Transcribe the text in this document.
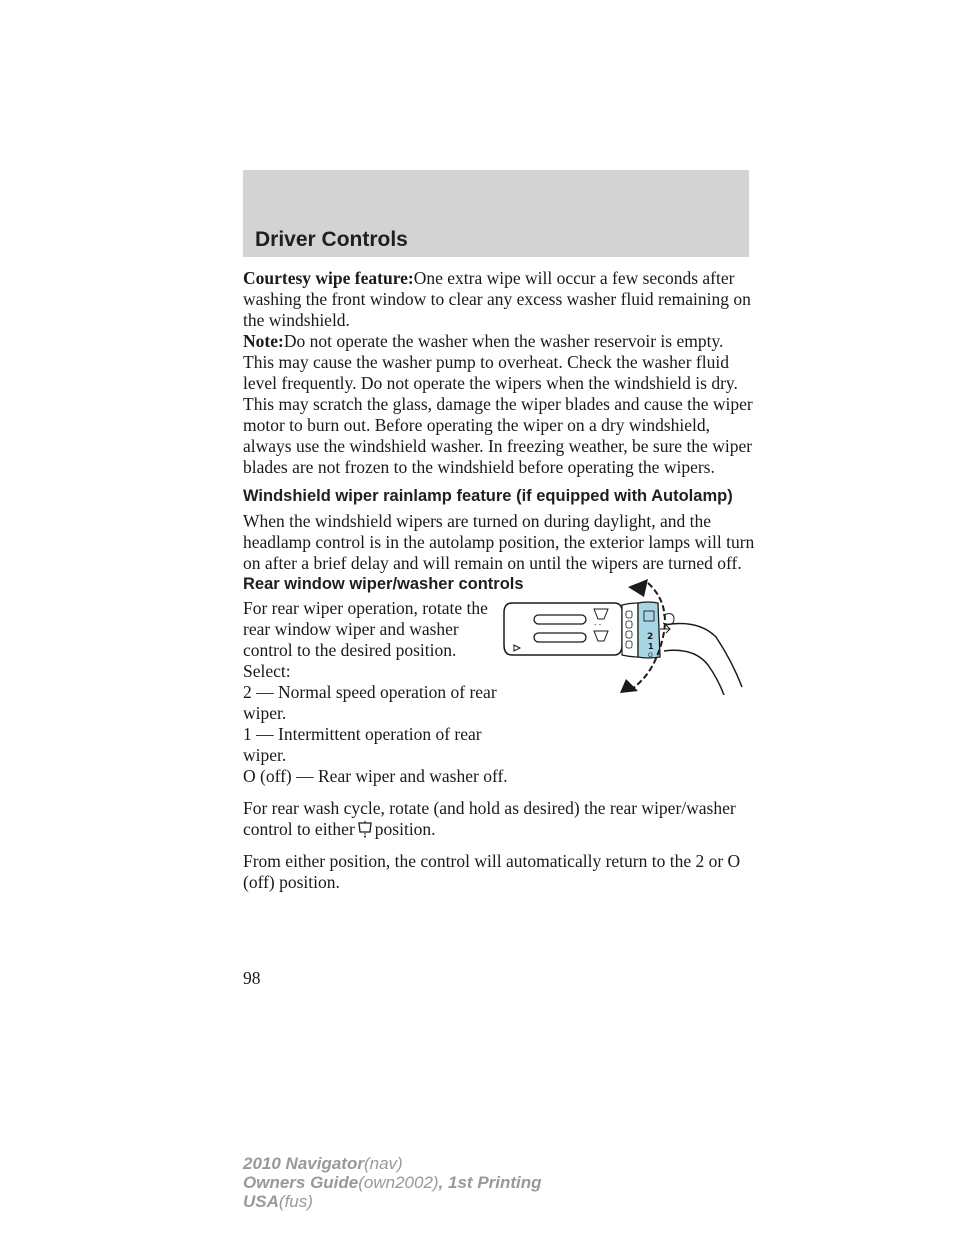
Driver Controls

Courtesy wipe feature:One extra wipe will occur a few seconds after washing the front window to clear any excess washer fluid remaining on the windshield.

Note:Do not operate the washer when the washer reservoir is empty. This may cause the washer pump to overheat. Check the washer fluid level frequently. Do not operate the wipers when the windshield is dry. This may scratch the glass, damage the wiper blades and cause the wiper motor to burn out. Before operating the wiper on a dry windshield, always use the windshield washer. In freezing weather, be sure the wiper blades are not frozen to the windshield before operating the wipers.

Windshield wiper rainlamp feature (if equipped with Autolamp)

When the windshield wipers are turned on during daylight, and the headlamp control is in the autolamp position, the exterior lamps will turn on after a brief delay and will remain on until the wipers are turned off.

Rear window wiper/washer controls

For rear wiper operation, rotate the rear window wiper and washer control to the desired position. Select:

2 — Normal speed operation of rear wiper.

1 — Intermittent operation of rear wiper.

O (off) — Rear wiper and washer off.

For rear wash cycle, rotate (and hold as desired) the rear wiper/washer control to either position.

From either position, the control will automatically return to the 2 or O (off) position.

- -
2
1
O
98
2010 Navigator(nav)
Owners Guide(own2002), 1st Printing
USA(fus)
